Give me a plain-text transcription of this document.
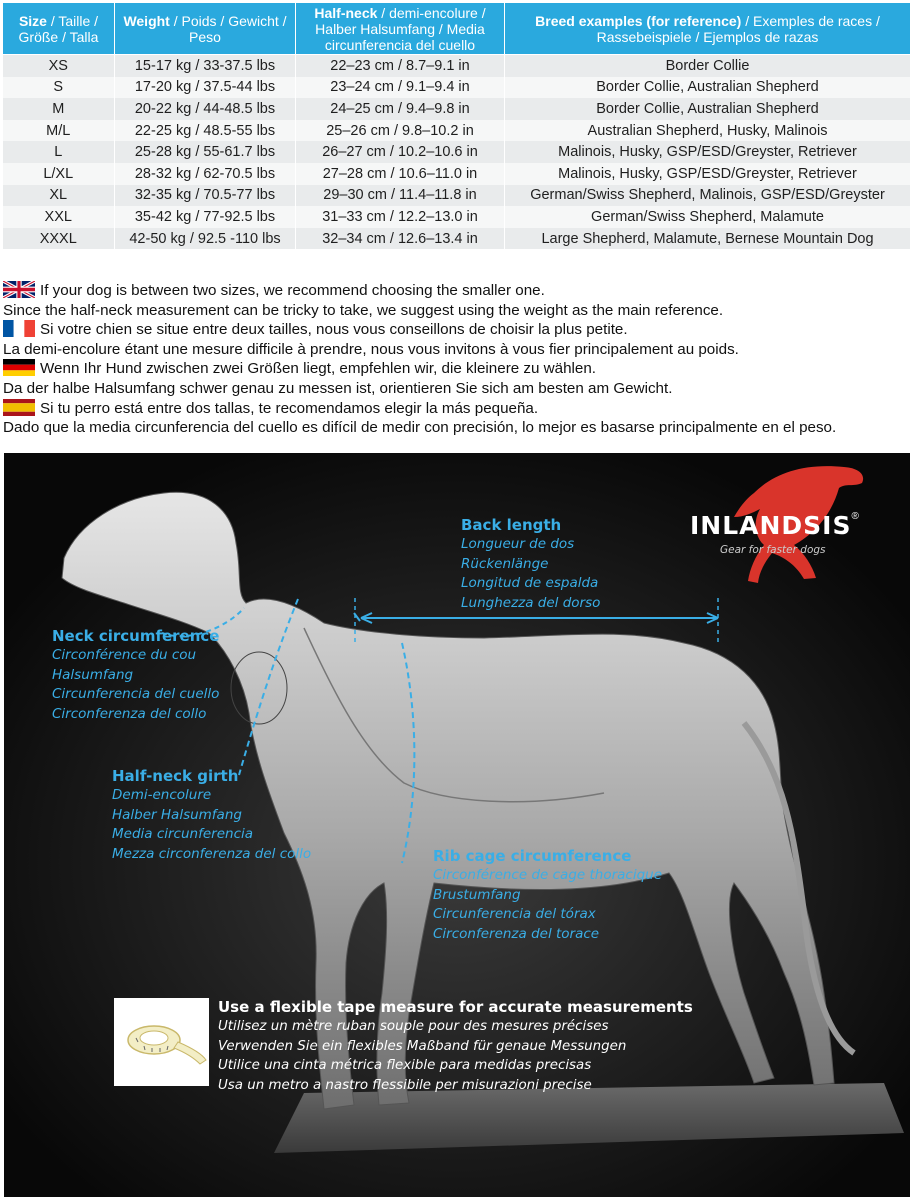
Size / Taille / Größe / Talla	Weight / Poids / Gewicht / Peso	Half-neck / demi-encolure / Halber Halsumfang / Media circunferencia del cuello	Breed examples (for reference) / Exemples de races / Rassebeispiele / Ejemplos de razas
XS	15-17 kg / 33-37.5 lbs	22–23 cm / 8.7–9.1 in	Border Collie
S	17-20 kg / 37.5-44 lbs	23–24 cm / 9.1–9.4 in	Border Collie, Australian Shepherd
M	20-22 kg / 44-48.5 lbs	24–25 cm / 9.4–9.8 in	Border Collie, Australian Shepherd
M/L	22-25 kg / 48.5-55 lbs	25–26 cm / 9.8–10.2 in	Australian Shepherd, Husky, Malinois
L	25-28 kg / 55-61.7 lbs	26–27 cm / 10.2–10.6 in	Malinois, Husky, GSP/ESD/Greyster, Retriever
L/XL	28-32 kg / 62-70.5 lbs	27–28 cm / 10.6–11.0 in	Malinois, Husky, GSP/ESD/Greyster, Retriever
XL	32-35 kg / 70.5-77 lbs	29–30 cm / 11.4–11.8 in	German/Swiss Shepherd, Malinois, GSP/ESD/Greyster
XXL	35-42 kg / 77-92.5 lbs	31–33 cm / 12.2–13.0 in	German/Swiss Shepherd, Malamute
XXXL	42-50 kg / 92.5 -110 lbs	32–34 cm / 12.6–13.4 in	Large Shepherd, Malamute, Bernese Mountain Dog
If your dog is between two sizes, we recommend choosing the smaller one.
Since the half-neck measurement can be tricky to take, we suggest using the weight as the main reference.
Si votre chien se situe entre deux tailles, nous vous conseillons de choisir la plus petite.
La demi-encolure étant une mesure difficile à prendre, nous vous invitons à vous fier principalement au poids.
Wenn Ihr Hund zwischen zwei Größen liegt, empfehlen wir, die kleinere zu wählen.
Da der halbe Halsumfang schwer genau zu messen ist, orientieren Sie sich am besten am Gewicht.
Si tu perro está entre dos tallas, te recomendamos elegir la más pequeña.
Dado que la media circunferencia del cuello es difícil de medir con precisión, lo mejor es basarse principalmente en el peso.
INLANDSIS®
Gear for faster dogs
Back length
Longueur de dos
Rückenlänge
Longitud de espalda
Lunghezza del dorso
Neck circumference
Circonférence du cou
Halsumfang
Circunferencia del cuello
Circonferenza del collo
Half-neck girth
Demi-encolure
Halber Halsumfang
Media circunferencia
Mezza circonferenza del collo	Rib cage circumference
Circonférence de cage thoracique
Brustumfang
Circunferencia del tórax
Circonferenza del torace
Use a flexible tape measure for accurate measurements
Utilisez un mètre ruban souple pour des mesures précises
Verwenden Sie ein flexibles Maßband für genaue Messungen
Utilice una cinta métrica flexible para medidas precisas
Usa un metro a nastro flessibile per misurazioni precise
